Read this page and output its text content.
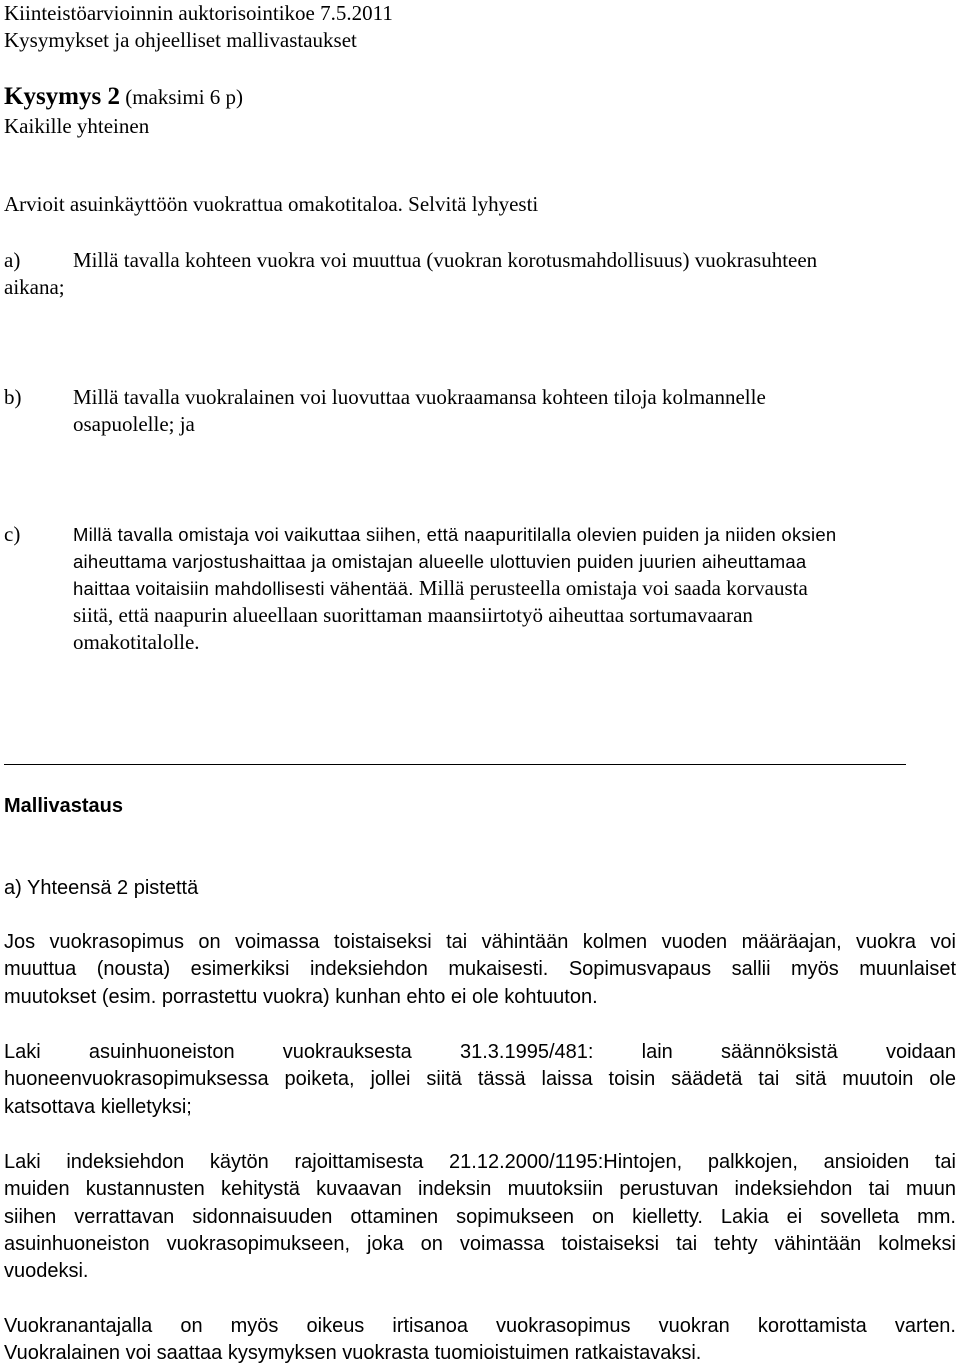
Kiinteistöarvioinnin auktorisointikoe 7.5.2011
Kysymykset ja ohjeelliset mallivastaukset
Kysymys 2 (maksimi 6 p)
Kaikille yhteinen
Arvioit asuinkäyttöön vuokrattua omakotitaloa. Selvitä lyhyesti
a)	Millä tavalla kohteen vuokra voi muuttua (vuokran korotusmahdollisuus) vuokrasuhteen
aikana;
b) Millä tavalla vuokralainen voi luovuttaa vuokraamansa kohteen tiloja kolmannelle
osapuolelle; ja
c)	Millä tavalla omistaja voi vaikuttaa siihen, että naapuritilalla olevien puiden ja niiden oksien
aiheuttama varjostushaittaa ja omistajan alueelle ulottuvien puiden juurien aiheuttamaa
haittaa voitaisiin mahdollisesti vähentää. Millä perusteella omistaja voi saada korvausta
siitä, että naapurin alueellaan suorittaman maansiirtotyö aiheuttaa sortumavaaran
omakotitalolle.
Mallivastaus
a) Yhteensä 2 pistettä
Jos vuokrasopimus on voimassa toistaiseksi tai vähintään kolmen vuoden määräajan, vuokra voi
muuttua (nousta) esimerkiksi indeksiehdon mukaisesti. Sopimusvapaus sallii myös muunlaiset
muutokset (esim. porrastettu vuokra) kunhan ehto ei ole kohtuuton.
Laki asuinhuoneiston vuokrauksesta 31.3.1995/481: lain säännöksistä voidaan
huoneenvuokrasopimuksessa poiketa, jollei siitä tässä laissa toisin säädetä tai sitä muutoin ole
katsottava kielletyksi;
Laki indeksiehdon käytön rajoittamisesta 21.12.2000/1195:Hintojen, palkkojen, ansioiden tai
muiden kustannusten kehitystä kuvaavan indeksin muutoksiin perustuvan indeksiehdon tai muun
siihen verrattavan sidonnaisuuden ottaminen sopimukseen on kielletty. Lakia ei sovelleta mm.
asuinhuoneiston vuokrasopimukseen, joka on voimassa toistaiseksi tai tehty vähintään kolmeksi
vuodeksi.
Vuokranantajalla on myös oikeus irtisanoa vuokrasopimus vuokran korottamista varten.
Vuokralainen voi saattaa kysymyksen vuokrasta tuomioistuimen ratkaistavaksi.
